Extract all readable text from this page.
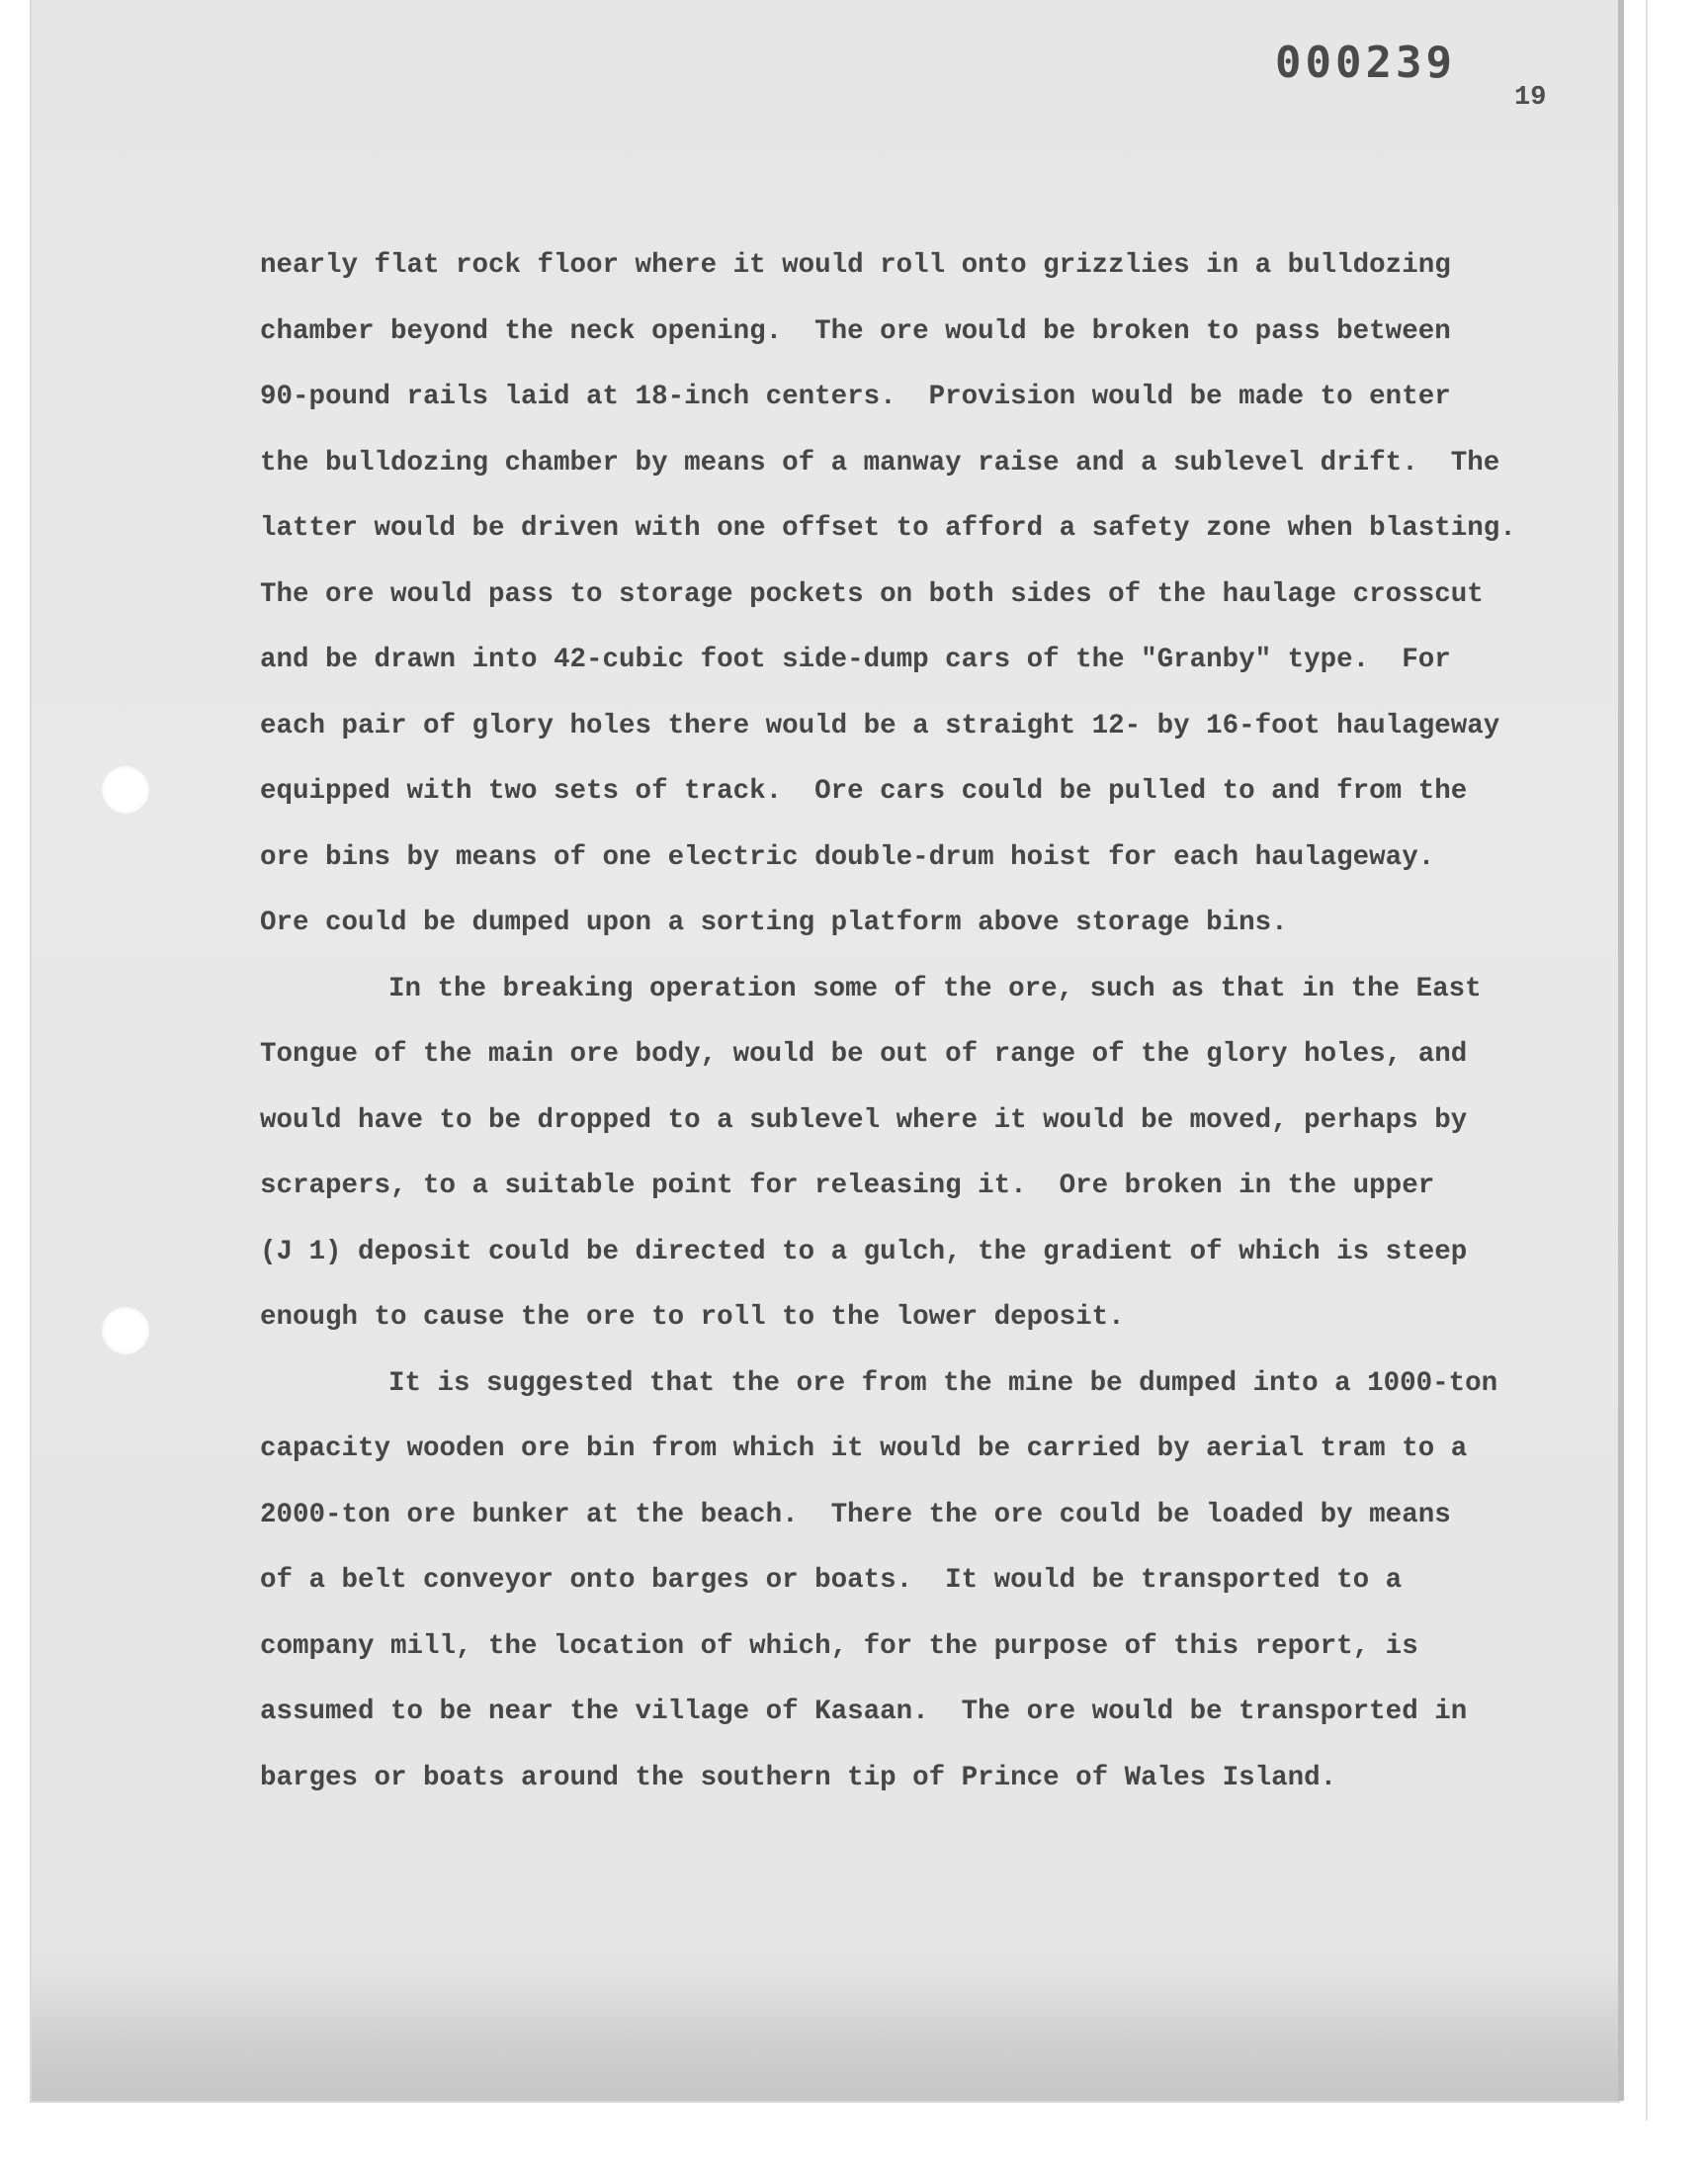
000239
19
nearly flat rock floor where it would roll onto grizzlies in a bulldozing
chamber beyond the neck opening.  The ore would be broken to pass between
90-pound rails laid at 18-inch centers.  Provision would be made to enter
the bulldozing chamber by means of a manway raise and a sublevel drift.  The
latter would be driven with one offset to afford a safety zone when blasting.
The ore would pass to storage pockets on both sides of the haulage crosscut
and be drawn into 42-cubic foot side-dump cars of the "Granby" type.  For
each pair of glory holes there would be a straight 12- by 16-foot haulageway
equipped with two sets of track.  Ore cars could be pulled to and from the
ore bins by means of one electric double-drum hoist for each haulageway.
Ore could be dumped upon a sorting platform above storage bins.
In the breaking operation some of the ore, such as that in the East
Tongue of the main ore body, would be out of range of the glory holes, and
would have to be dropped to a sublevel where it would be moved, perhaps by
scrapers, to a suitable point for releasing it.  Ore broken in the upper
(J 1) deposit could be directed to a gulch, the gradient of which is steep
enough to cause the ore to roll to the lower deposit.
It is suggested that the ore from the mine be dumped into a 1000-ton
capacity wooden ore bin from which it would be carried by aerial tram to a
2000-ton ore bunker at the beach.  There the ore could be loaded by means
of a belt conveyor onto barges or boats.  It would be transported to a
company mill, the location of which, for the purpose of this report, is
assumed to be near the village of Kasaan.  The ore would be transported in
barges or boats around the southern tip of Prince of Wales Island.
